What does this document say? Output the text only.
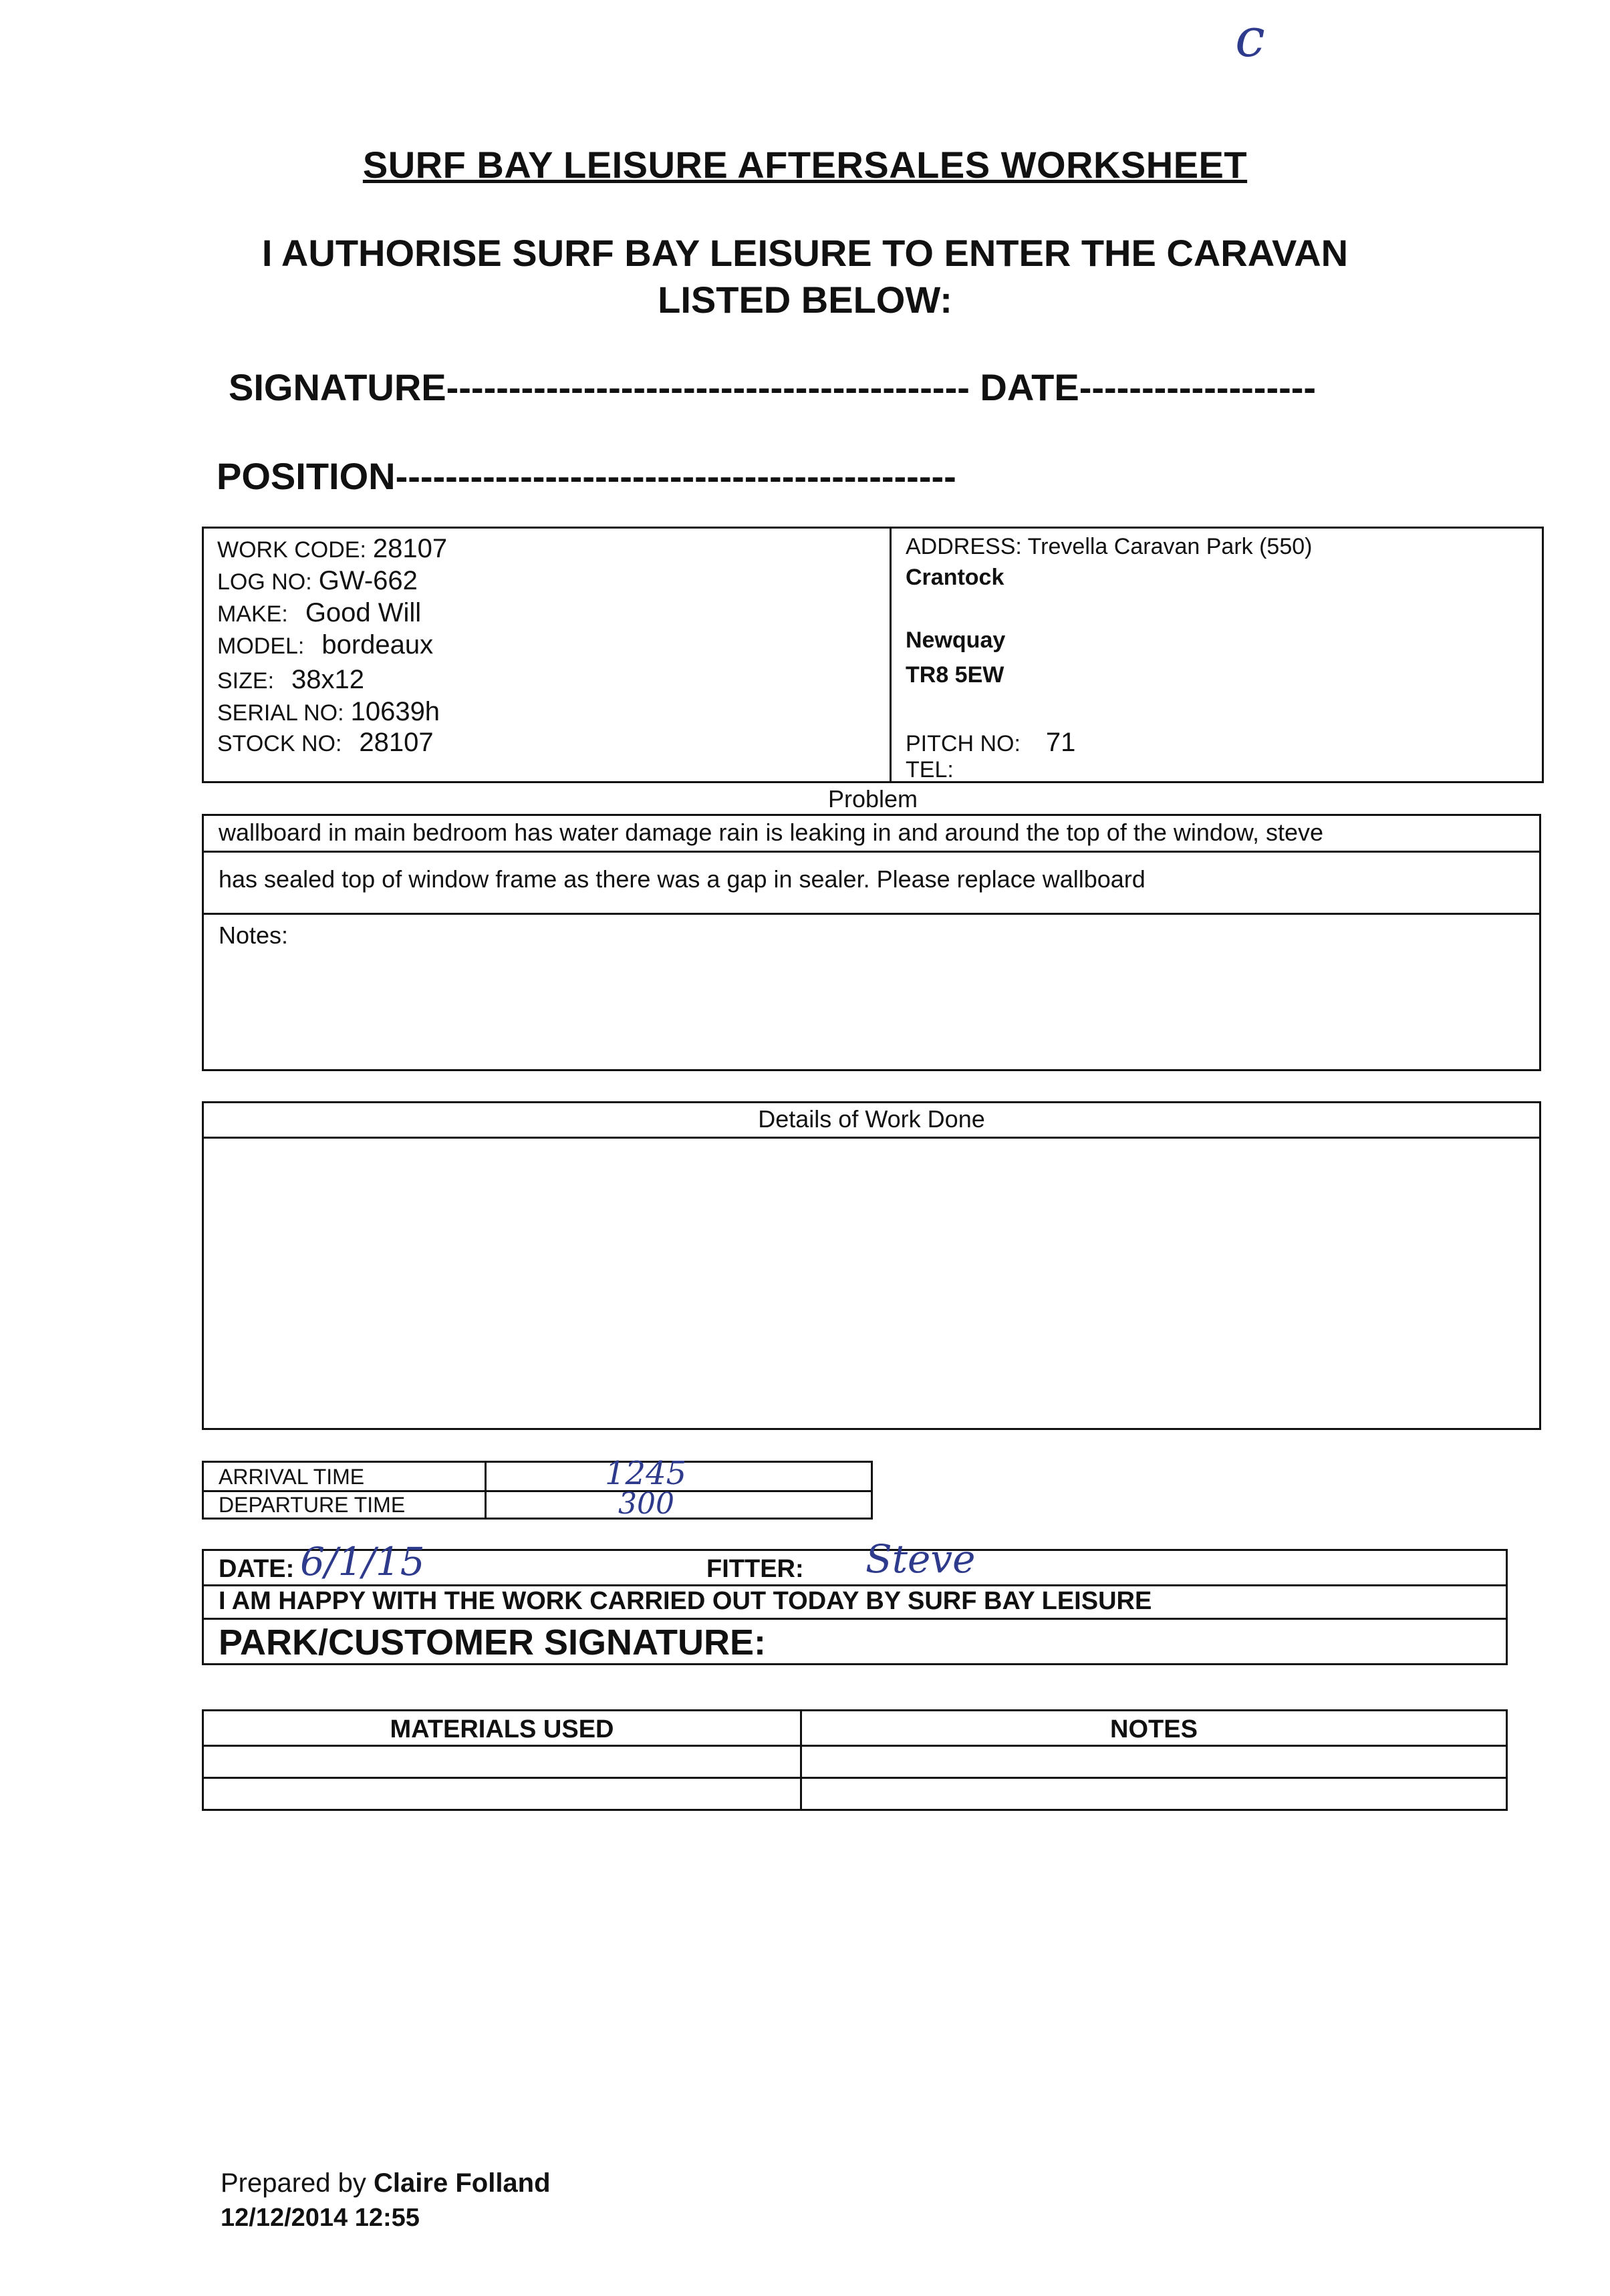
c
SURF BAY LEISURE AFTERSALES WORKSHEET
I AUTHORISE SURF BAY LEISURE TO ENTER THE CARAVAN
LISTED BELOW:
SIGNATURE------------------------------------------ DATE-------------------
POSITION---------------------------------------------
WORK CODE: 28107
LOG NO: GW-662
MAKE: Good Will
MODEL: bordeaux
SIZE: 38x12
SERIAL NO: 10639h
STOCK NO: 28107
ADDRESS: Trevella Caravan Park (550)
Crantock
Newquay
TR8 5EW
PITCH NO: 71
TEL:
Problem
wallboard in main bedroom has water damage rain is leaking in and around the top of the window, steve
has sealed top of window frame as there was a gap in sealer. Please replace wallboard
Notes:
Details of Work Done
ARRIVAL TIME
DEPARTURE TIME
1245
300
DATE: 6/1/15	FITTER: Steve
I AM HAPPY WITH THE WORK CARRIED OUT TODAY BY SURF BAY LEISURE
PARK/CUSTOMER SIGNATURE:
MATERIALS USED	NOTES
Prepared by Claire Folland
12/12/2014 12:55
